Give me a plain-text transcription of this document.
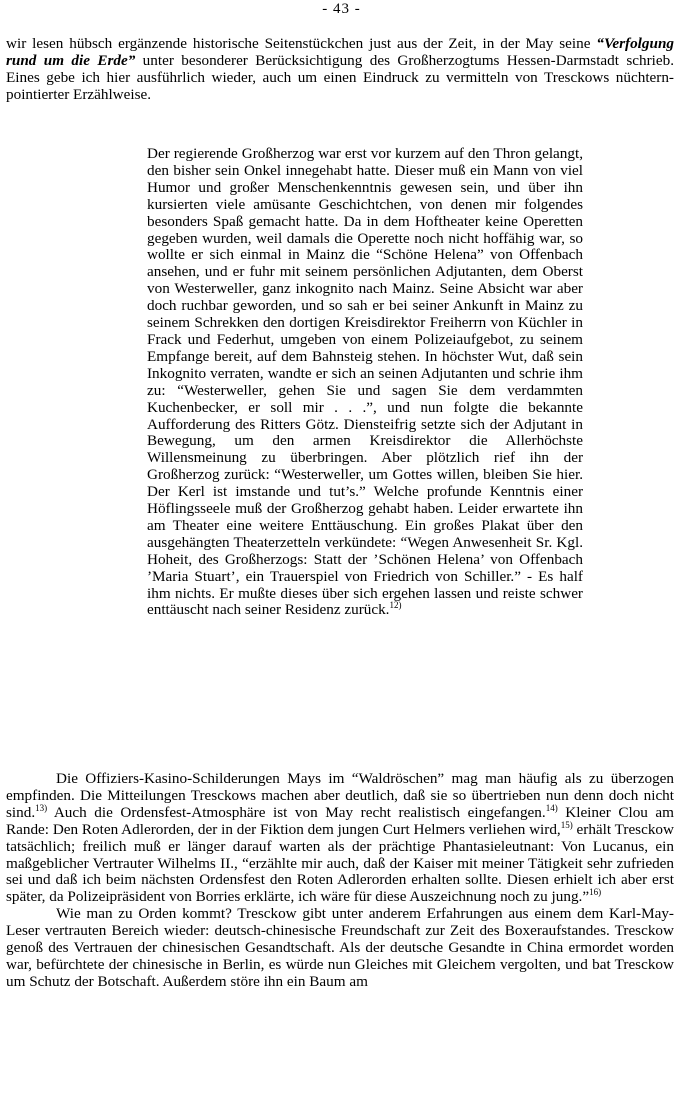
- 43 -

wir lesen hübsch ergänzende historische Seitenstückchen just aus der Zeit, in der May seine “Verfolgung rund um die Erde” unter besonderer Berücksichtigung des Großherzogtums Hessen-Darmstadt schrieb. Eines gebe ich hier ausführlich wieder, auch um einen Eindruck zu vermitteln von Tresckows nüchtern-pointierter Erzählweise.

Der regierende Großherzog war erst vor kurzem auf den Thron gelangt, den bisher sein Onkel innegehabt hatte. Dieser muß ein Mann von viel Humor und großer Menschenkenntnis gewesen sein, und über ihn kursierten viele amüsante Geschichtchen, von denen mir folgendes besonders Spaß gemacht hatte. Da in dem Hoftheater keine Operetten gegeben wurden, weil damals die Operette noch nicht hoffähig war, so wollte er sich einmal in Mainz die “Schöne Helena” von Offenbach ansehen, und er fuhr mit seinem persönlichen Adjutanten, dem Oberst von Westerweller, ganz inkognito nach Mainz. Seine Absicht war aber doch ruchbar geworden, und so sah er bei seiner Ankunft in Mainz zu seinem Schrekken den dortigen Kreisdirektor Freiherrn von Küchler in Frack und Federhut, umgeben von einem Polizeiaufgebot, zu seinem Empfange bereit, auf dem Bahnsteig stehen. In höchster Wut, daß sein Inkognito verraten, wandte er sich an seinen Adjutanten und schrie ihm zu: “Westerweller, gehen Sie und sagen Sie dem verdammten Kuchenbecker, er soll mir . . .”, und nun folgte die bekannte Aufforderung des Ritters Götz. Diensteifrig setzte sich der Adjutant in Bewegung, um den armen Kreisdirektor die Allerhöchste Willensmeinung zu überbringen. Aber plötzlich rief ihn der Großherzog zurück: “Westerweller, um Gottes willen, bleiben Sie hier. Der Kerl ist imstande und tut’s.” Welche profunde Kenntnis einer Höflingsseele muß der Großherzog gehabt haben. Leider erwartete ihn am Theater eine weitere Enttäuschung. Ein großes Plakat über den ausgehängten Theaterzetteln verkündete: “Wegen Anwesenheit Sr. Kgl. Hoheit, des Großherzogs: Statt der ’Schönen Helena’ von Offenbach ’Maria Stuart’, ein Trauerspiel von Friedrich von Schiller.” - Es half ihm nichts. Er mußte dieses über sich ergehen lassen und reiste schwer enttäuscht nach seiner Residenz zurück.$^{12)}$

Die Offiziers-Kasino-Schilderungen Mays im “Waldröschen” mag man häufig als zu überzogen empfinden. Die Mitteilungen Tresckows machen aber deutlich, daß sie so übertrieben nun denn doch nicht sind.$^{13)}$ Auch die Ordensfest-Atmosphäre ist von May recht realistisch eingefangen.$^{14)}$ Kleiner Clou am Rande: Den Roten Adlerorden, der in der Fiktion dem jungen Curt Helmers verliehen wird,$^{15)}$ erhält Tresckow tatsächlich; freilich muß er länger darauf warten als der prächtige Phantasieleutnant: Von Lucanus, ein maßgeblicher Vertrauter Wilhelms II., “erzählte mir auch, daß der Kaiser mit meiner Tätigkeit sehr zufrieden sei und daß ich beim nächsten Ordensfest den Roten Adlerorden erhalten sollte. Diesen erhielt ich aber erst später, da Polizeipräsident von Borries erklärte, ich wäre für diese Auszeichnung noch zu jung.”$^{16)}$

Wie man zu Orden kommt? Tresckow gibt unter anderem Erfahrungen aus einem dem Karl-May-Leser vertrauten Bereich wieder: deutsch-chinesische Freundschaft zur Zeit des Boxeraufstandes. Tresckow genoß des Vertrauen der chinesischen Gesandtschaft. Als der deutsche Gesandte in China ermordet worden war, befürchtete der chinesische in Berlin, es würde nun Gleiches mit Gleichem vergolten, und bat Tresckow um Schutz der Botschaft. Außerdem störe ihn ein Baum am
